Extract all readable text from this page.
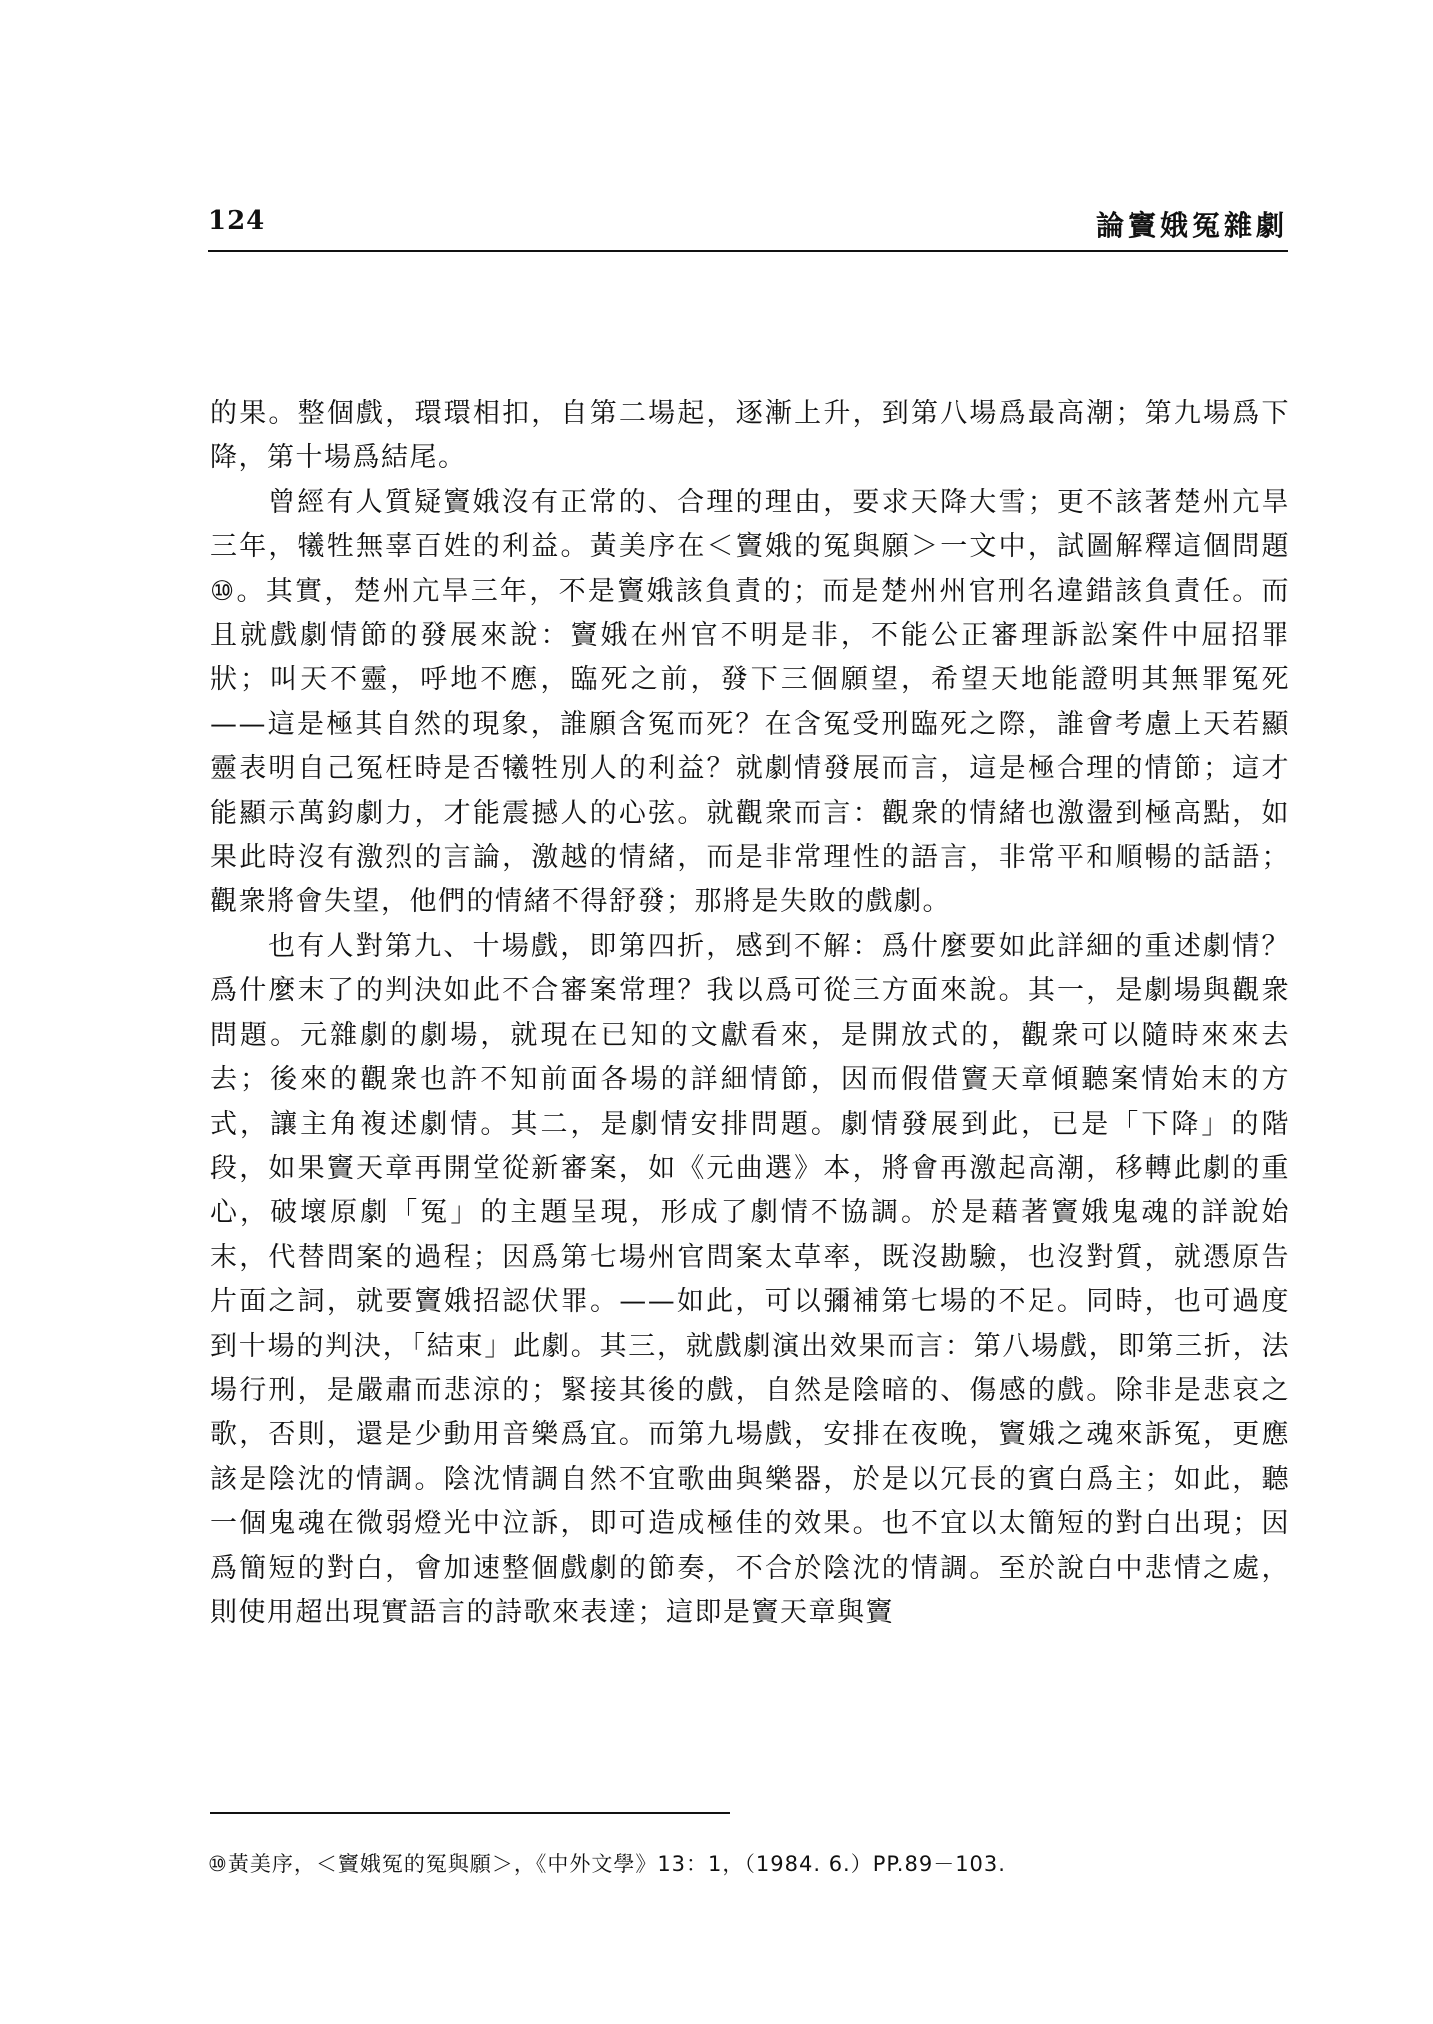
124	論竇娥冤雜劇

的果。整個戲，環環相扣，自第二場起，逐漸上升，到第八場爲最高潮；第九場爲下降，第十場爲結尾。

曾經有人質疑竇娥沒有正常的、合理的理由，要求天降大雪；更不該著楚州亢旱三年，犧牲無辜百姓的利益。黃美序在＜竇娥的冤與願＞一文中，試圖解釋這個問題⑩。其實，楚州亢旱三年，不是竇娥該負責的；而是楚州州官刑名違錯該負責任。而且就戲劇情節的發展來說：竇娥在州官不明是非，不能公正審理訴訟案件中屈招罪狀；叫天不靈，呼地不應，臨死之前，發下三個願望，希望天地能證明其無罪冤死——這是極其自然的現象，誰願含冤而死？在含冤受刑臨死之際，誰會考慮上天若顯靈表明自己冤枉時是否犧牲別人的利益？就劇情發展而言，這是極合理的情節；這才能顯示萬鈞劇力，才能震撼人的心弦。就觀衆而言：觀衆的情緒也激盪到極高點，如果此時沒有激烈的言論，激越的情緒，而是非常理性的語言，非常平和順暢的話語；觀衆將會失望，他們的情緒不得舒發；那將是失敗的戲劇。

也有人對第九、十場戲，即第四折，感到不解：爲什麼要如此詳細的重述劇情？爲什麼末了的判決如此不合審案常理？我以爲可從三方面來說。其一，是劇場與觀衆問題。元雜劇的劇場，就現在已知的文獻看來，是開放式的，觀衆可以隨時來來去去；後來的觀衆也許不知前面各場的詳細情節，因而假借竇天章傾聽案情始末的方式，讓主角複述劇情。其二，是劇情安排問題。劇情發展到此，已是「下降」的階段，如果竇天章再開堂從新審案，如《元曲選》本，將會再激起高潮，移轉此劇的重心，破壞原劇「冤」的主題呈現，形成了劇情不協調。於是藉著竇娥鬼魂的詳說始末，代替問案的過程；因爲第七場州官問案太草率，既沒勘驗，也沒對質，就憑原告片面之詞，就要竇娥招認伏罪。——如此，可以彌補第七場的不足。同時，也可過度到十場的判決，「結束」此劇。其三，就戲劇演出效果而言：第八場戲，即第三折，法場行刑，是嚴肅而悲涼的；緊接其後的戲，自然是陰暗的、傷感的戲。除非是悲哀之歌，否則，還是少動用音樂爲宜。而第九場戲，安排在夜晚，竇娥之魂來訴冤，更應該是陰沈的情調。陰沈情調自然不宜歌曲與樂器，於是以冗長的賓白爲主；如此，聽一個鬼魂在微弱燈光中泣訴，即可造成極佳的效果。也不宜以太簡短的對白出現；因爲簡短的對白，會加速整個戲劇的節奏，不合於陰沈的情調。至於說白中悲情之處，則使用超出現實語言的詩歌來表達；這即是竇天章與竇

⑩黃美序，＜竇娥冤的冤與願＞，《中外文學》13：1，（1984. 6.）PP.89－103.
